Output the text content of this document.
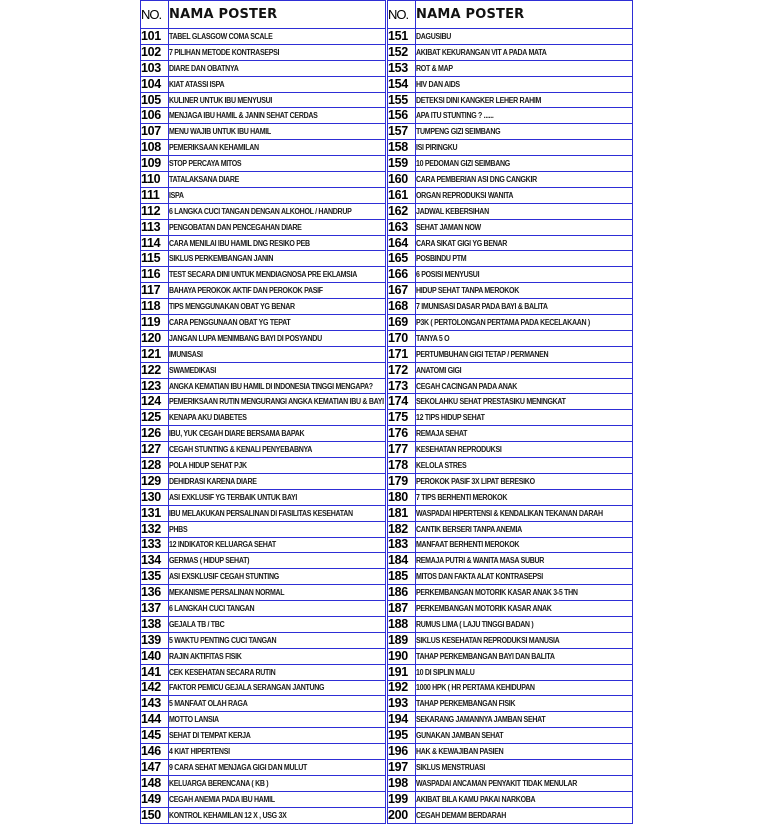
NO.	NAMA POSTER
101	TABEL GLASGOW COMA SCALE
102	7 PILIHAN METODE KONTRASEPSI
103	DIARE DAN OBATNYA
104	KIAT ATASSI ISPA
105	KULINER UNTUK IBU MENYUSUI
106	MENJAGA IBU HAMIL & JANIN SEHAT CERDAS
107	MENU WAJIB UNTUK IBU HAMIL
108	PEMERIKSAAN KEHAMILAN
109	STOP PERCAYA MITOS
110	TATALAKSANA DIARE
111	ISPA
112	6 LANGKA CUCI TANGAN DENGAN ALKOHOL / HANDRUP
113	PENGOBATAN DAN PENCEGAHAN DIARE
114	CARA MENILAI IBU HAMIL DNG RESIKO PEB
115	SIKLUS PERKEMBANGAN JANIN
116	TEST SECARA DINI UNTUK MENDIAGNOSA PRE EKLAMSIA
117	BAHAYA PEROKOK AKTIF DAN PEROKOK PASIF
118	TIPS MENGGUNAKAN OBAT YG BENAR
119	CARA PENGGUNAAN OBAT YG TEPAT
120	JANGAN LUPA MENIMBANG BAYI DI POSYANDU
121	IMUNISASI
122	SWAMEDIKASI
123	ANGKA KEMATIAN IBU HAMIL DI INDONESIA TINGGI MENGAPA?
124	PEMERIKSAAN RUTIN MENGURANGI ANGKA KEMATIAN IBU & BAYI
125	KENAPA AKU DIABETES
126	IBU, YUK CEGAH DIARE BERSAMA BAPAK
127	CEGAH STUNTING & KENALI PENYEBABNYA
128	POLA HIDUP SEHAT PJK
129	DEHIDRASI KARENA DIARE
130	ASI EXKLUSIF YG TERBAIK UNTUK BAYI
131	IBU MELAKUKAN PERSALINAN DI FASILITAS KESEHATAN
132	PHBS
133	12 INDIKATOR KELUARGA SEHAT
134	GERMAS ( HIDUP SEHAT)
135	ASI EXSKLUSIF CEGAH STUNTING
136	MEKANISME PERSALINAN NORMAL
137	6 LANGKAH CUCI TANGAN
138	GEJALA TB / TBC
139	5 WAKTU PENTING CUCI TANGAN
140	RAJIN AKTIFITAS FISIK
141	CEK KESEHATAN SECARA RUTIN
142	FAKTOR PEMICU GEJALA SERANGAN JANTUNG
143	5 MANFAAT OLAH RAGA
144	MOTTO LANSIA
145	SEHAT DI TEMPAT KERJA
146	4 KIAT HIPERTENSI
147	9 CARA SEHAT MENJAGA GIGI DAN MULUT
148	KELUARGA BERENCANA ( KB )
149	CEGAH ANEMIA PADA IBU HAMIL
150	KONTROL KEHAMILAN 12 X , USG 3X
NO.	NAMA POSTER
151	DAGUSIBU
152	AKIBAT KEKURANGAN VIT A PADA MATA
153	ROT & MAP
154	HIV DAN AIDS
155	DETEKSI DINI KANGKER LEHER RAHIM
156	APA ITU STUNTING ? ......
157	TUMPENG GIZI SEIMBANG
158	ISI PIRINGKU
159	10 PEDOMAN GIZI SEIMBANG
160	CARA PEMBERIAN ASI DNG CANGKIR
161	ORGAN REPRODUKSI WANITA
162	JADWAL KEBERSIHAN
163	SEHAT JAMAN NOW
164	CARA SIKAT GIGI YG BENAR
165	POSBINDU PTM
166	6 POSISI MENYUSUI
167	HIDUP SEHAT TANPA MEROKOK
168	7 IMUNISASI DASAR PADA BAYI & BALITA
169	P3K ( PERTOLONGAN PERTAMA PADA KECELAKAAN )
170	TANYA 5 O
171	PERTUMBUHAN GIGI TETAP / PERMANEN
172	ANATOMI GIGI
173	CEGAH CACINGAN PADA ANAK
174	SEKOLAHKU SEHAT PRESTASIKU MENINGKAT
175	12 TIPS HIDUP SEHAT
176	REMAJA SEHAT
177	KESEHATAN REPRODUKSI
178	KELOLA STRES
179	PEROKOK PASIF 3X LIPAT BERESIKO
180	7 TIPS BERHENTI MEROKOK
181	WASPADAI HIPERTENSI & KENDALIKAN TEKANAN DARAH
182	CANTIK BERSERI TANPA ANEMIA
183	MANFAAT BERHENTI MEROKOK
184	REMAJA PUTRI & WANITA MASA SUBUR
185	MITOS DAN FAKTA ALAT KONTRASEPSI
186	PERKEMBANGAN MOTORIK KASAR ANAK 3-5 THN
187	PERKEMBANGAN MOTORIK KASAR ANAK
188	RUMUS LIMA ( LAJU TINGGI BADAN )
189	SIKLUS KESEHATAN REPRODUKSI MANUSIA
190	TAHAP PERKEMBANGAN BAYI DAN BALITA
191	10 DI SIPLIN MALU
192	1000 HPK ( HR PERTAMA KEHIDUPAN
193	TAHAP PERKEMBANGAN FISIK
194	SEKARANG JAMANNYA JAMBAN SEHAT
195	GUNAKAN JAMBAN SEHAT
196	HAK & KEWAJIBAN PASIEN
197	SIKLUS MENSTRUASI
198	WASPADAI ANCAMAN PENYAKIT TIDAK MENULAR
199	AKIBAT BILA KAMU PAKAI NARKOBA
200	CEGAH DEMAM BERDARAH
